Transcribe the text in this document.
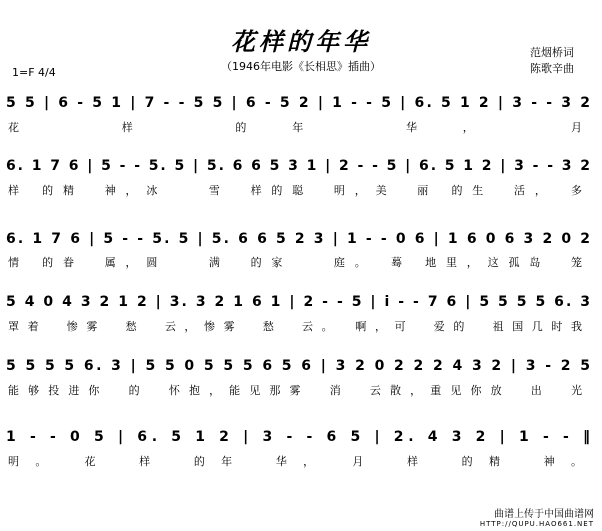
花样的年华
（1946年电影《长相思》插曲）
范烟桥词
陈歌辛曲
1=F 4/4
5 5 | 6 - 5 1 | 7 - - 5 5 | 6 - 5 2 | 1 - - 5 | 6. 5 1 2 | 3 - - 3 2
花　样　的年　华，　月
6. 1 7 6 | 5 - - 5. 5 | 5. 6 6 5 3 1 | 2 - - 5 | 6. 5 1 2 | 3 - - 3 2
样 的精　神，冰　　雪　样的聪　明，美　丽 的生　活，　多
6. 1 7 6 | 5 - - 5. 5 | 5. 6 6 5 2 3 | 1 - - 0 6 | 1 6 0 6 3 2 0 2
情 的眷　属，圆　　满　的家　　庭。　蓦 地里，这孤岛　笼
5 4 0 4 3 2 1 2 | 3. 3 2 1 6 1 | 2 - - 5 | i - - 7 6 | 5 5 5 5 6. 3
罩着　惨雾　愁　云，惨雾　愁　云。　啊，可　爱的　祖国几时我
5 5 5 5 6. 3 | 5 5 0 5 5 5 6 5 6 | 3 2 0 2 2 2 4 3 2 | 3 - 2 5
能够投进你　的　怀抱，能见那雾　消　云散，重见你放　出　光
1 - - 0 5 | 6. 5 1 2 | 3 - - 6 5 | 2. 4 3 2 | 1 - - ‖
明。　花　样　的年　华，　月　样　的精　神。
曲谱上传于中国曲谱网
HTTP://QUPU.HAO661.NET
